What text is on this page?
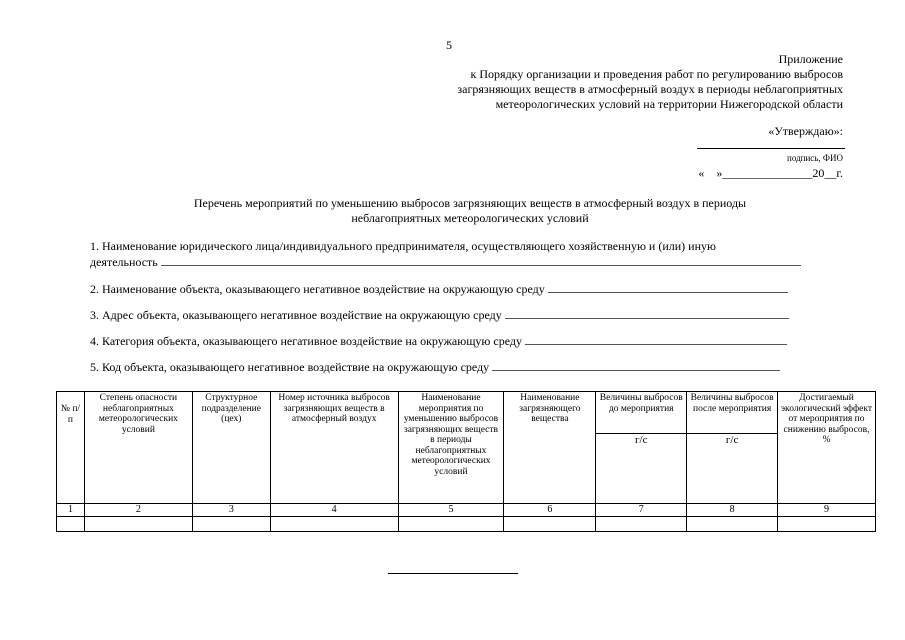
5
Приложение
к Порядку организации и проведения работ по регулированию выбросов
загрязняющих веществ в атмосферный воздух в периоды неблагоприятных
метеорологических условий на территории Нижегородской области
«Утверждаю»:
подпись, ФИО
«    »_______________20__г.
Перечень мероприятий по уменьшению выбросов загрязняющих веществ в атмосферный воздух в периоды
неблагоприятных метеорологических условий
1. Наименование юридического лица/индивидуального предпринимателя, осуществляющего хозяйственную и (или) иную
деятельность
2. Наименование объекта, оказывающего негативное воздействие на окружающую среду
3. Адрес объекта, оказывающего негативное воздействие на окружающую среду
4. Категория объекта, оказывающего негативное воздействие на окружающую среду
5. Код объекта, оказывающего негативное воздействие на окружающую среду
№ п/п	Степень опасности неблагоприятных метеорологических условий	Структурное подразделение (цех)	Номер источника выбросов загрязняющих веществ в атмосферный воздух	Наименование мероприятия по уменьшению выбросов загрязняющих веществ в периоды неблагоприятных метеорологических условий	Наименование загрязняющего вещества	Величины выбросов до мероприятия	Величины выбросов после мероприятия	Достигаемый экологический эффект от мероприятия по снижению выбросов, %
						г/с	г/с	
1	2	3	4	5	6	7	8	9
